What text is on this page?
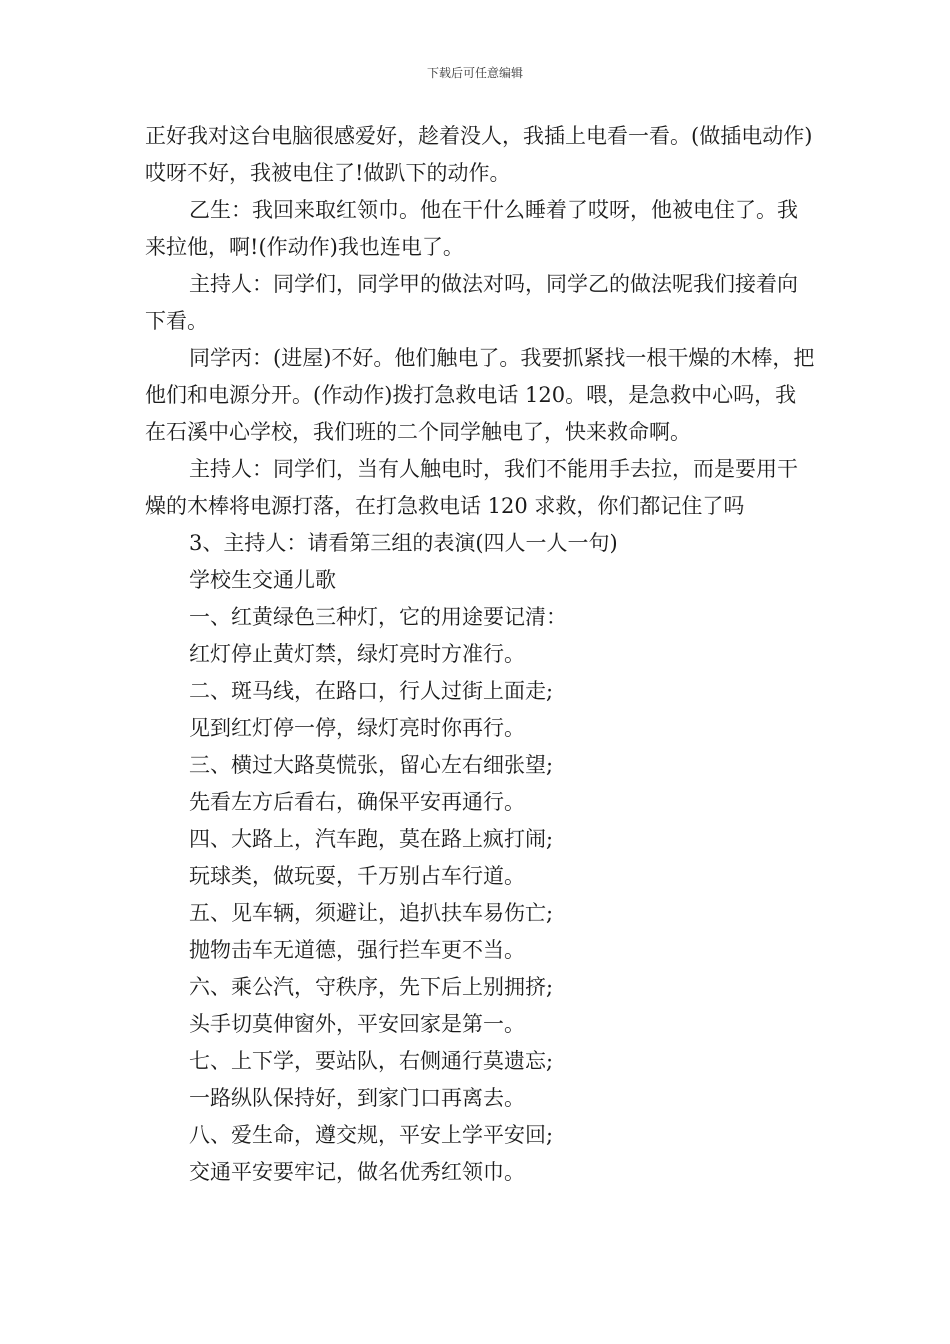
下载后可任意编辑

正好我对这台电脑很感爱好，趁着没人，我插上电看一看。(做插电动作)哎呀不好，我被电住了!做趴下的动作。

乙生：我回来取红领巾。他在干什么睡着了哎呀，他被电住了。我来拉他，啊!(作动作)我也连电了。

主持人：同学们，同学甲的做法对吗，同学乙的做法呢我们接着向下看。

同学丙：(进屋)不好。他们触电了。我要抓紧找一根干燥的木棒，把他们和电源分开。(作动作)拨打急救电话 120。喂，是急救中心吗，我在石溪中心学校，我们班的二个同学触电了，快来救命啊。

主持人：同学们，当有人触电时，我们不能用手去拉，而是要用干燥的木棒将电源打落，在打急救电话 120 求救，你们都记住了吗

3、主持人：请看第三组的表演(四人一人一句)

学校生交通儿歌

一、红黄绿色三种灯，它的用途要记清：

红灯停止黄灯禁，绿灯亮时方准行。

二、斑马线，在路口，行人过街上面走;

见到红灯停一停，绿灯亮时你再行。

三、横过大路莫慌张，留心左右细张望;

先看左方后看右，确保平安再通行。

四、大路上，汽车跑，莫在路上疯打闹;

玩球类，做玩耍，千万别占车行道。

五、见车辆，须避让，追扒扶车易伤亡;

抛物击车无道德，强行拦车更不当。

六、乘公汽，守秩序，先下后上别拥挤;

头手切莫伸窗外，平安回家是第一。

七、上下学，要站队，右侧通行莫遗忘;

一路纵队保持好，到家门口再离去。

八、爱生命，遵交规，平安上学平安回;

交通平安要牢记，做名优秀红领巾。
